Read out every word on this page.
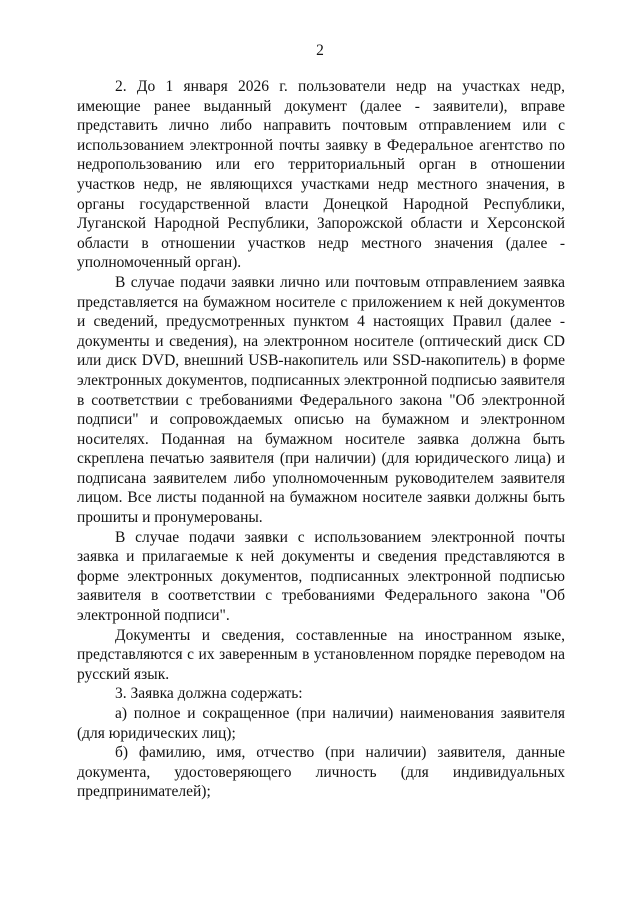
2

2. До 1 января 2026 г. пользователи недр на участках недр, имеющие ранее выданный документ (далее - заявители), вправе представить лично либо направить почтовым отправлением или с использованием электронной почты заявку в Федеральное агентство по недропользованию или его территориальный орган в отношении участков недр, не являющихся участками недр местного значения, в органы государственной власти Донецкой Народной Республики, Луганской Народной Республики, Запорожской области и Херсонской области в отношении участков недр местного значения (далее - уполномоченный орган).

В случае подачи заявки лично или почтовым отправлением заявка представляется на бумажном носителе с приложением к ней документов и сведений, предусмотренных пунктом 4 настоящих Правил (далее - документы и сведения), на электронном носителе (оптический диск CD или диск DVD, внешний USB-накопитель или SSD-накопитель) в форме электронных документов, подписанных электронной подписью заявителя в соответствии с требованиями Федерального закона "Об электронной подписи" и сопровождаемых описью на бумажном и электронном носителях. Поданная на бумажном носителе заявка должна быть скреплена печатью заявителя (при наличии) (для юридического лица) и подписана заявителем либо уполномоченным руководителем заявителя лицом. Все листы поданной на бумажном носителе заявки должны быть прошиты и пронумерованы.

В случае подачи заявки с использованием электронной почты заявка и прилагаемые к ней документы и сведения представляются в форме электронных документов, подписанных электронной подписью заявителя в соответствии с требованиями Федерального закона "Об электронной подписи".

Документы и сведения, составленные на иностранном языке, представляются с их заверенным в установленном порядке переводом на русский язык.

3. Заявка должна содержать:

а) полное и сокращенное (при наличии) наименования заявителя (для юридических лиц);

б) фамилию, имя, отчество (при наличии) заявителя, данные документа, удостоверяющего личность (для индивидуальных предпринимателей);
